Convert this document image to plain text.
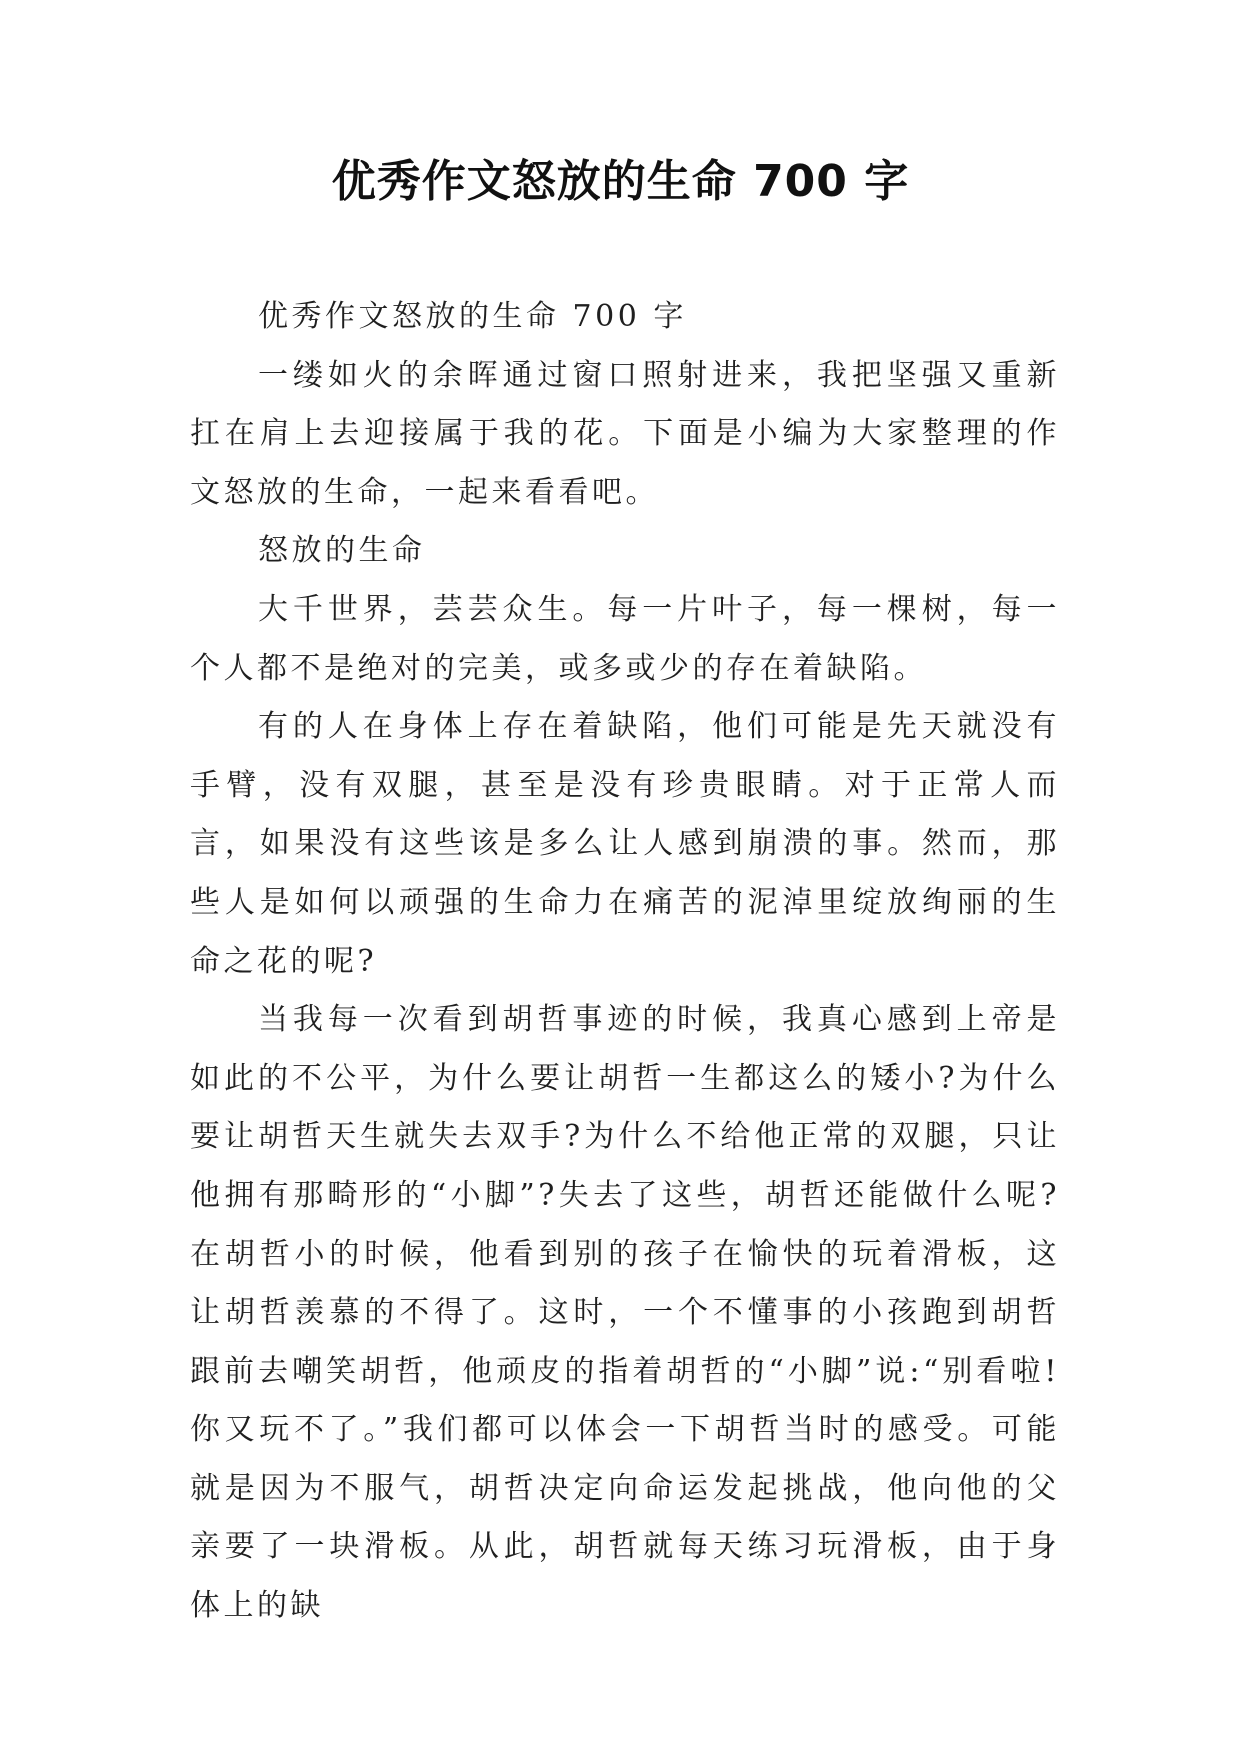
优秀作文怒放的生命 700 字

优秀作文怒放的生命 700 字

一缕如火的余晖通过窗口照射进来，我把坚强又重新扛在肩上去迎接属于我的花。下面是小编为大家整理的作文怒放的生命，一起来看看吧。

怒放的生命

大千世界，芸芸众生。每一片叶子，每一棵树，每一个人都不是绝对的完美，或多或少的存在着缺陷。

有的人在身体上存在着缺陷，他们可能是先天就没有手臂，没有双腿，甚至是没有珍贵眼睛。对于正常人而言，如果没有这些该是多么让人感到崩溃的事。然而，那些人是如何以顽强的生命力在痛苦的泥淖里绽放绚丽的生命之花的呢?

当我每一次看到胡哲事迹的时候，我真心感到上帝是如此的不公平，为什么要让胡哲一生都这么的矮小?为什么要让胡哲天生就失去双手?为什么不给他正常的双腿，只让他拥有那畸形的“小脚”?失去了这些，胡哲还能做什么呢?在胡哲小的时候，他看到别的孩子在愉快的玩着滑板，这让胡哲羡慕的不得了。这时，一个不懂事的小孩跑到胡哲跟前去嘲笑胡哲，他顽皮的指着胡哲的“小脚”说:“别看啦!你又玩不了。”我们都可以体会一下胡哲当时的感受。可能就是因为不服气，胡哲决定向命运发起挑战，他向他的父亲要了一块滑板。从此，胡哲就每天练习玩滑板，由于身体上的缺
